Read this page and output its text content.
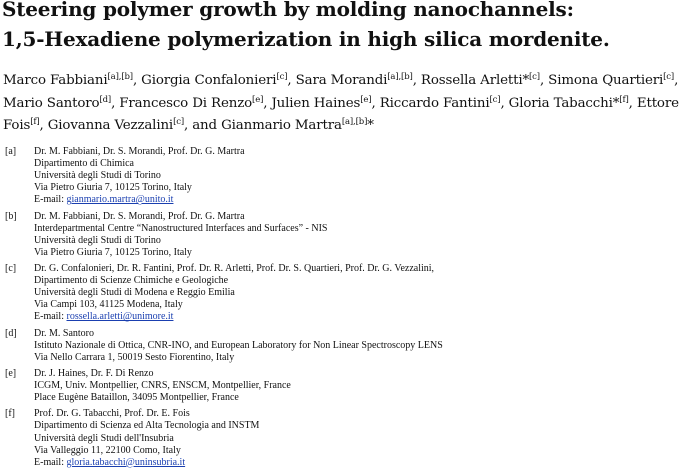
Steering polymer growth by molding nanochannels:
1,5-Hexadiene polymerization in high silica mordenite.

Marco Fabbiani[a],[b], Giorgia Confalonieri[c], Sara Morandi[a],[b], Rossella Arletti*[c], Simona Quartieri[c], Mario Santoro[d], Francesco Di Renzo[e], Julien Haines[e], Riccardo Fantini[c], Gloria Tabacchi*[f], Ettore Fois[f], Giovanna Vezzalini[c], and Gianmario Martra[a],[b]*

[a] Dr. M. Fabbiani, Dr. S. Morandi, Prof. Dr. G. Martra
Dipartimento di Chimica
Università degli Studi di Torino
Via Pietro Giuria 7, 10125 Torino, Italy
E-mail: gianmario.martra@unito.it
[b] Dr. M. Fabbiani, Dr. S. Morandi, Prof. Dr. G. Martra
Interdepartmental Centre “Nanostructured Interfaces and Surfaces” - NIS
Università degli Studi di Torino
Via Pietro Giuria 7, 10125 Torino, Italy
[c] Dr. G. Confalonieri, Dr. R. Fantini, Prof. Dr. R. Arletti, Prof. Dr. S. Quartieri, Prof. Dr. G. Vezzalini,
Dipartimento di Scienze Chimiche e Geologiche
Università degli Studi di Modena e Reggio Emilia
Via Campi 103, 41125 Modena, Italy
E-mail: rossella.arletti@unimore.it
[d] Dr. M. Santoro
Istituto Nazionale di Ottica, CNR-INO, and European Laboratory for Non Linear Spectroscopy LENS
Via Nello Carrara 1, 50019 Sesto Fiorentino, Italy
[e] Dr. J. Haines, Dr. F. Di Renzo
ICGM, Univ. Montpellier, CNRS, ENSCM, Montpellier, France
Place Eugène Bataillon, 34095 Montpellier, France
[f] Prof. Dr. G. Tabacchi, Prof. Dr. E. Fois
Dipartimento di Scienza ed Alta Tecnologia and INSTM
Università degli Studi dell'Insubria
Via Valleggio 11, 22100 Como, Italy
E-mail: gloria.tabacchi@uninsubria.it
